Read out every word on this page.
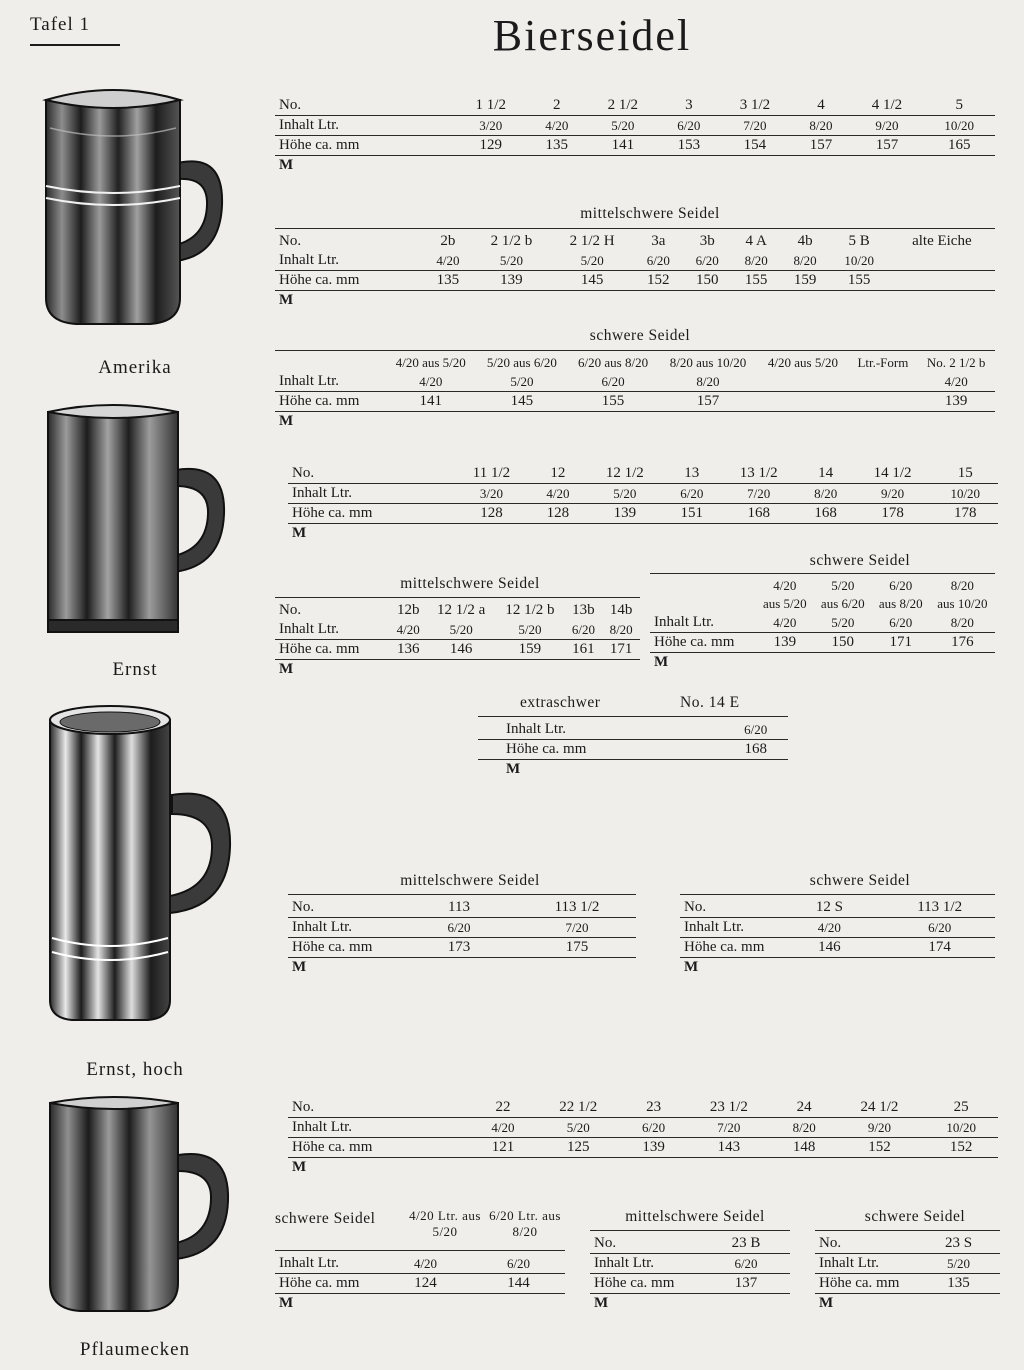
Tafel 1	Bierseidel
Amerika
Ernst
Ernst, hoch
Pflaumecken
No.	1 1/2	2	2 1/2	3	3 1/2	4	4 1/2	5
Inhalt Ltr.	3/20	4/20	5/20	6/20	7/20	8/20	9/20	10/20
Höhe ca. mm	129	135	141	153	154	157	157	165
M								
mittelschwere Seidel
No.	2b	2 1/2 b	2 1/2 H	3a	3b	4 A	4b	5 B	alte Eiche
Inhalt Ltr.	4/20	5/20	5/20	6/20	6/20	8/20	8/20	10/20	
Höhe ca. mm	135	139	145	152	150	155	159	155	
M									
schwere Seidel
	4/20 aus 5/20	5/20 aus 6/20	6/20 aus 8/20	8/20 aus 10/20	4/20 aus 5/20	Ltr.-Form	No. 2 1/2 b
Inhalt Ltr.	4/20	5/20	6/20	8/20			4/20
Höhe ca. mm	141	145	155	157			139
M							
No.	11 1/2	12	12 1/2	13	13 1/2	14	14 1/2	15
Inhalt Ltr.	3/20	4/20	5/20	6/20	7/20	8/20	9/20	10/20
Höhe ca. mm	128	128	139	151	168	168	178	178
M								
mittelschwere Seidel
No.	12b	12 1/2 a	12 1/2 b	13b	14b
Inhalt Ltr.	4/20	5/20	5/20	6/20	8/20
Höhe ca. mm	136	146	159	161	171
M					
schwere Seidel
	4/20	5/20	6/20	8/20
	aus 5/20	aus 6/20	aus 8/20	aus 10/20
Inhalt Ltr.	4/20	5/20	6/20	8/20
Höhe ca. mm	139	150	171	176
M				
extraschwer	No. 14 E
Inhalt Ltr.	6/20
Höhe ca. mm	168
M	
mittelschwere Seidel
No.	113	113 1/2
Inhalt Ltr.	6/20	7/20
Höhe ca. mm	173	175
M		
schwere Seidel
No.	12 S	113 1/2
Inhalt Ltr.	4/20	6/20
Höhe ca. mm	146	174
M		
No.	22	22 1/2	23	23 1/2	24	24 1/2	25
Inhalt Ltr.	4/20	5/20	6/20	7/20	8/20	9/20	10/20
Höhe ca. mm	121	125	139	143	148	152	152
M							
schwere Seidel	4/20 Ltr. aus 5/20
6/20 Ltr. aus 8/20
Inhalt Ltr.	4/20	6/20
Höhe ca. mm	124	144
M		
mittelschwere Seidel
No.	23 B
Inhalt Ltr.	6/20
Höhe ca. mm	137
M	
schwere Seidel
No.	23 S
Inhalt Ltr.	5/20
Höhe ca. mm	135
M	
